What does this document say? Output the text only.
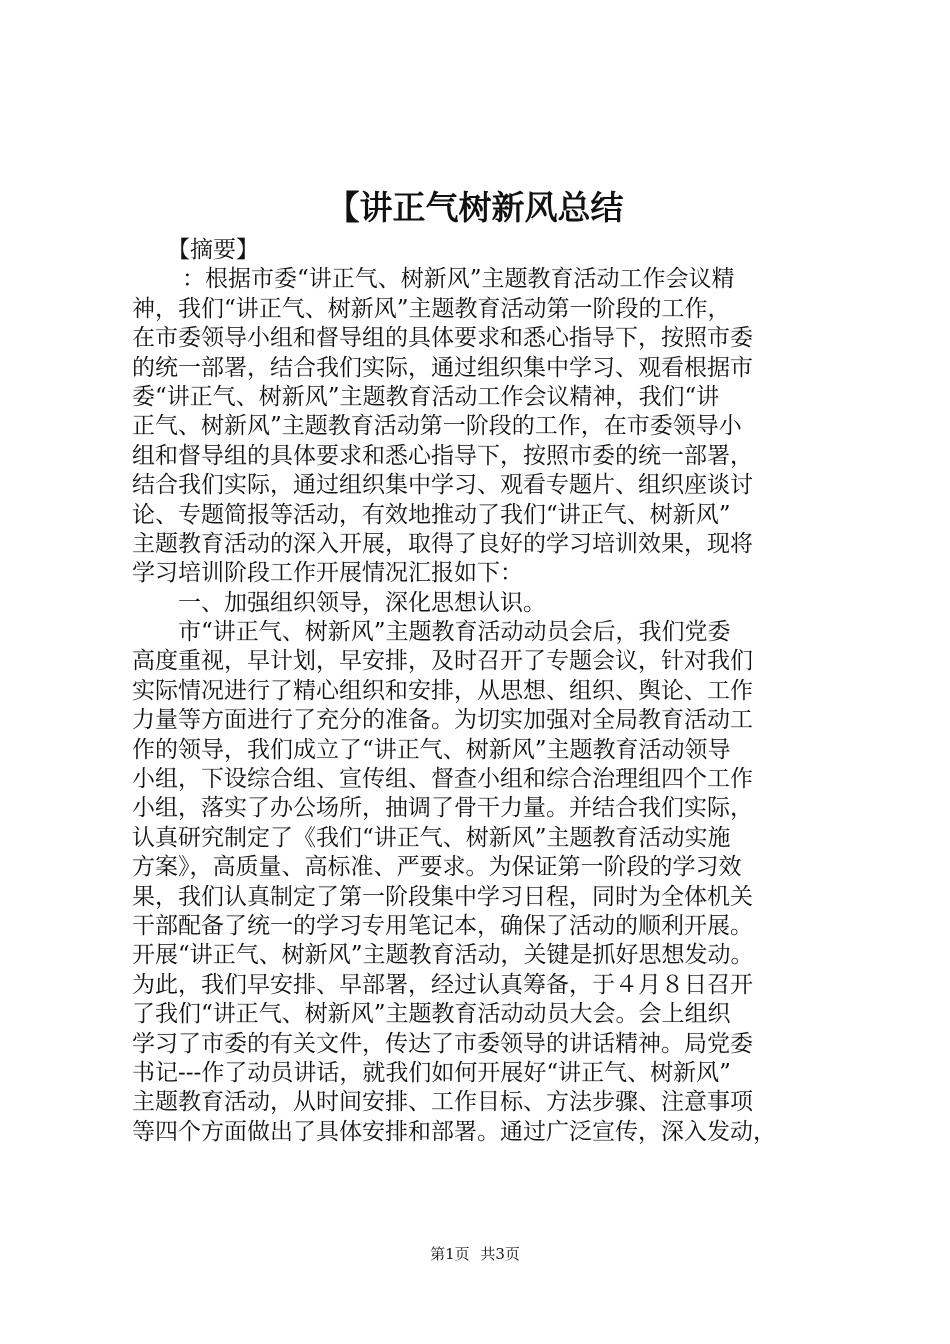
【讲正气树新风总结
【摘要】
：根据市委“讲正气、树新风”主题教育活动工作会议精
神，我们“讲正气、树新风”主题教育活动第一阶段的工作，
在市委领导小组和督导组的具体要求和悉心指导下，按照市委
的统一部署，结合我们实际，通过组织集中学习、观看根据市
委“讲正气、树新风”主题教育活动工作会议精神，我们“讲
正气、树新风”主题教育活动第一阶段的工作，在市委领导小
组和督导组的具体要求和悉心指导下，按照市委的统一部署，
结合我们实际，通过组织集中学习、观看专题片、组织座谈讨
论、专题简报等活动，有效地推动了我们“讲正气、树新风”
主题教育活动的深入开展，取得了良好的学习培训效果，现将
学习培训阶段工作开展情况汇报如下：
一、加强组织领导，深化思想认识。
市“讲正气、树新风”主题教育活动动员会后，我们党委
高度重视，早计划，早安排，及时召开了专题会议，针对我们
实际情况进行了精心组织和安排，从思想、组织、舆论、工作
力量等方面进行了充分的准备。为切实加强对全局教育活动工
作的领导，我们成立了“讲正气、树新风”主题教育活动领导
小组，下设综合组、宣传组、督查小组和综合治理组四个工作
小组，落实了办公场所，抽调了骨干力量。并结合我们实际，
认真研究制定了《我们“讲正气、树新风”主题教育活动实施
方案》，高质量、高标准、严要求。为保证第一阶段的学习效
果，我们认真制定了第一阶段集中学习日程，同时为全体机关
干部配备了统一的学习专用笔记本，确保了活动的顺利开展。
开展“讲正气、树新风”主题教育活动，关键是抓好思想发动。
为此，我们早安排、早部署，经过认真筹备，于４月８日召开
了我们“讲正气、树新风”主题教育活动动员大会。会上组织
学习了市委的有关文件，传达了市委领导的讲话精神。局党委
书记---作了动员讲话，就我们如何开展好“讲正气、树新风”
主题教育活动，从时间安排、工作目标、方法步骤、注意事项
等四个方面做出了具体安排和部署。通过广泛宣传，深入发动，
第1页 共3页
